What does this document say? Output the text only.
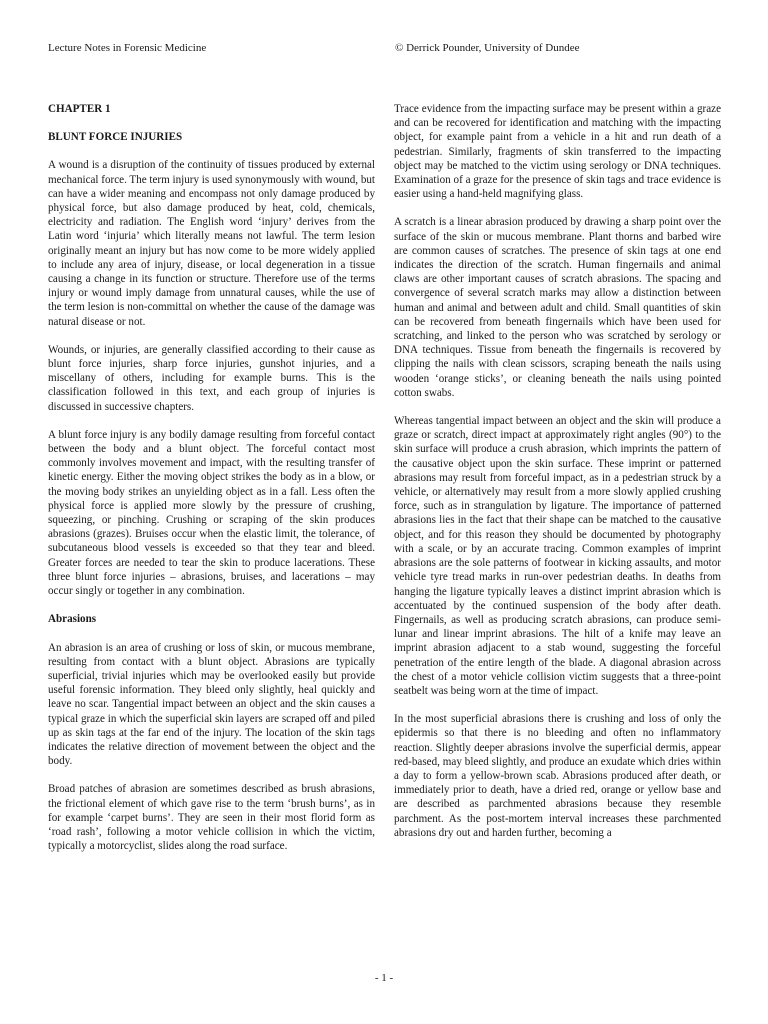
Lecture Notes in Forensic Medicine	© Derrick Pounder, University of Dundee
CHAPTER 1
BLUNT FORCE INJURIES

A wound is a disruption of the continuity of tissues produced by external mechanical force. The term injury is used synonymously with wound, but can have a wider meaning and encompass not only damage produced by physical force, but also damage produced by heat, cold, chemicals, electricity and radiation. The English word ‘injury’ derives from the Latin word ‘injuria’ which literally means not lawful. The term lesion originally meant an injury but has now come to be more widely applied to include any area of injury, disease, or local degeneration in a tissue causing a change in its function or structure. Therefore use of the terms injury or wound imply damage from unnatural causes, while the use of the term lesion is non-committal on whether the cause of the damage was natural disease or not.

Wounds, or injuries, are generally classified according to their cause as blunt force injuries, sharp force injuries, gunshot injuries, and a miscellany of others, including for example burns. This is the classification followed in this text, and each group of injuries is discussed in successive chapters.

A blunt force injury is any bodily damage resulting from forceful contact between the body and a blunt object. The forceful contact most commonly involves movement and impact, with the resulting transfer of kinetic energy. Either the moving object strikes the body as in a blow, or the moving body strikes an unyielding object as in a fall. Less often the physical force is applied more slowly by the pressure of crushing, squeezing, or pinching. Crushing or scraping of the skin produces abrasions (grazes). Bruises occur when the elastic limit, the tolerance, of subcutaneous blood vessels is exceeded so that they tear and bleed. Greater forces are needed to tear the skin to produce lacerations. These three blunt force injuries – abrasions, bruises, and lacerations – may occur singly or together in any combination.

Abrasions

An abrasion is an area of crushing or loss of skin, or mucous membrane, resulting from contact with a blunt object. Abrasions are typically superficial, trivial injuries which may be overlooked easily but provide useful forensic information. They bleed only slightly, heal quickly and leave no scar. Tangential impact between an object and the skin causes a typical graze in which the superficial skin layers are scraped off and piled up as skin tags at the far end of the injury. The location of the skin tags indicates the relative direction of movement between the object and the body.

Broad patches of abrasion are sometimes described as brush abrasions, the frictional element of which gave rise to the term ‘brush burns’, as in for example ‘carpet burns’. They are seen in their most florid form as ‘road rash’, following a motor vehicle collision in which the victim, typically a motorcyclist, slides along the road surface.

Trace evidence from the impacting surface may be present within a graze and can be recovered for identification and matching with the impacting object, for example paint from a vehicle in a hit and run death of a pedestrian. Similarly, fragments of skin transferred to the impacting object may be matched to the victim using serology or DNA techniques. Examination of a graze for the presence of skin tags and trace evidence is easier using a hand-held magnifying glass.

A scratch is a linear abrasion produced by drawing a sharp point over the surface of the skin or mucous membrane. Plant thorns and barbed wire are common causes of scratches. The presence of skin tags at one end indicates the direction of the scratch. Human fingernails and animal claws are other important causes of scratch abrasions. The spacing and convergence of several scratch marks may allow a distinction between human and animal and between adult and child. Small quantities of skin can be recovered from beneath fingernails which have been used for scratching, and linked to the person who was scratched by serology or DNA techniques. Tissue from beneath the fingernails is recovered by clipping the nails with clean scissors, scraping beneath the nails using wooden ‘orange sticks’, or cleaning beneath the nails using pointed cotton swabs.

Whereas tangential impact between an object and the skin will produce a graze or scratch, direct impact at approximately right angles (90°) to the skin surface will produce a crush abrasion, which imprints the pattern of the causative object upon the skin surface. These imprint or patterned abrasions may result from forceful impact, as in a pedestrian struck by a vehicle, or alternatively may result from a more slowly applied crushing force, such as in strangulation by ligature. The importance of patterned abrasions lies in the fact that their shape can be matched to the causative object, and for this reason they should be documented by photography with a scale, or by an accurate tracing. Common examples of imprint abrasions are the sole patterns of footwear in kicking assaults, and motor vehicle tyre tread marks in run-over pedestrian deaths. In deaths from hanging the ligature typically leaves a distinct imprint abrasion which is accentuated by the continued suspension of the body after death. Fingernails, as well as producing scratch abrasions, can produce semi-lunar and linear imprint abrasions. The hilt of a knife may leave an imprint abrasion adjacent to a stab wound, suggesting the forceful penetration of the entire length of the blade. A diagonal abrasion across the chest of a motor vehicle collision victim suggests that a three-point seatbelt was being worn at the time of impact.

In the most superficial abrasions there is crushing and loss of only the epidermis so that there is no bleeding and often no inflammatory reaction. Slightly deeper abrasions involve the superficial dermis, appear red-based, may bleed slightly, and produce an exudate which dries within a day to form a yellow-brown scab. Abrasions produced after death, or immediately prior to death, have a dried red, orange or yellow base and are described as parchmented abrasions because they resemble parchment. As the post-mortem interval increases these parchmented abrasions dry out and harden further, becoming a

- 1 -
